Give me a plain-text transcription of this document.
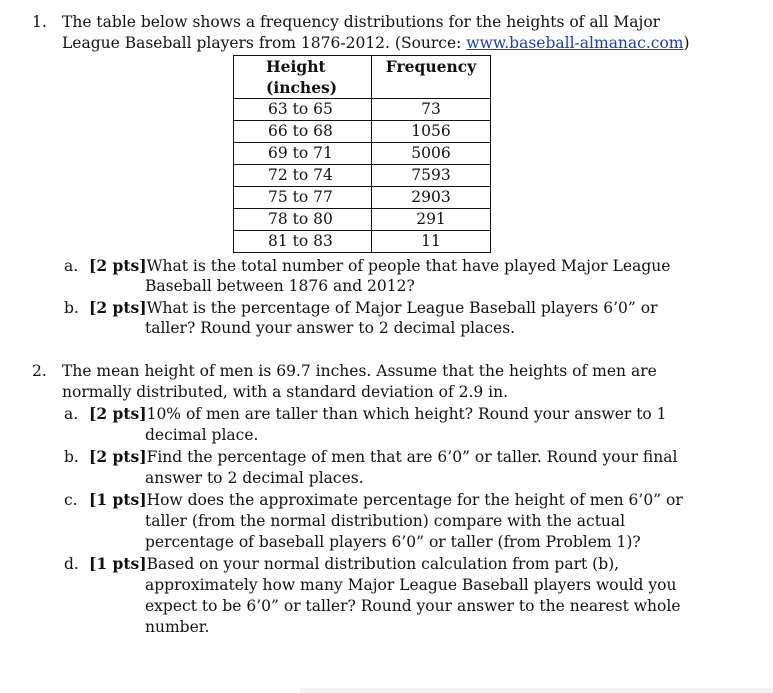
1. The table below shows a frequency distributions for the heights of all Major
League Baseball players from 1876-2012. (Source: www.baseball-almanac.com)
Height
(inches)	Frequency
63 to 65	73
66 to 68	1056
69 to 71	5006
72 to 74	7593
75 to 77	2903
78 to 80	291
81 to 83	11
a. [2 pts]What is the total number of people that have played Major League
Baseball between 1876 and 2012?
b. [2 pts]What is the percentage of Major League Baseball players 6’0” or
taller? Round your answer to 2 decimal places.
2. The mean height of men is 69.7 inches. Assume that the heights of men are
normally distributed, with a standard deviation of 2.9 in.
a. [2 pts]10% of men are taller than which height? Round your answer to 1
decimal place.
b. [2 pts]Find the percentage of men that are 6’0” or taller. Round your final
answer to 2 decimal places.
c. [1 pts]How does the approximate percentage for the height of men 6’0” or
taller (from the normal distribution) compare with the actual
percentage of baseball players 6’0” or taller (from Problem 1)?
d. [1 pts]Based on your normal distribution calculation from part (b),
approximately how many Major League Baseball players would you
expect to be 6’0” or taller? Round your answer to the nearest whole
number.
